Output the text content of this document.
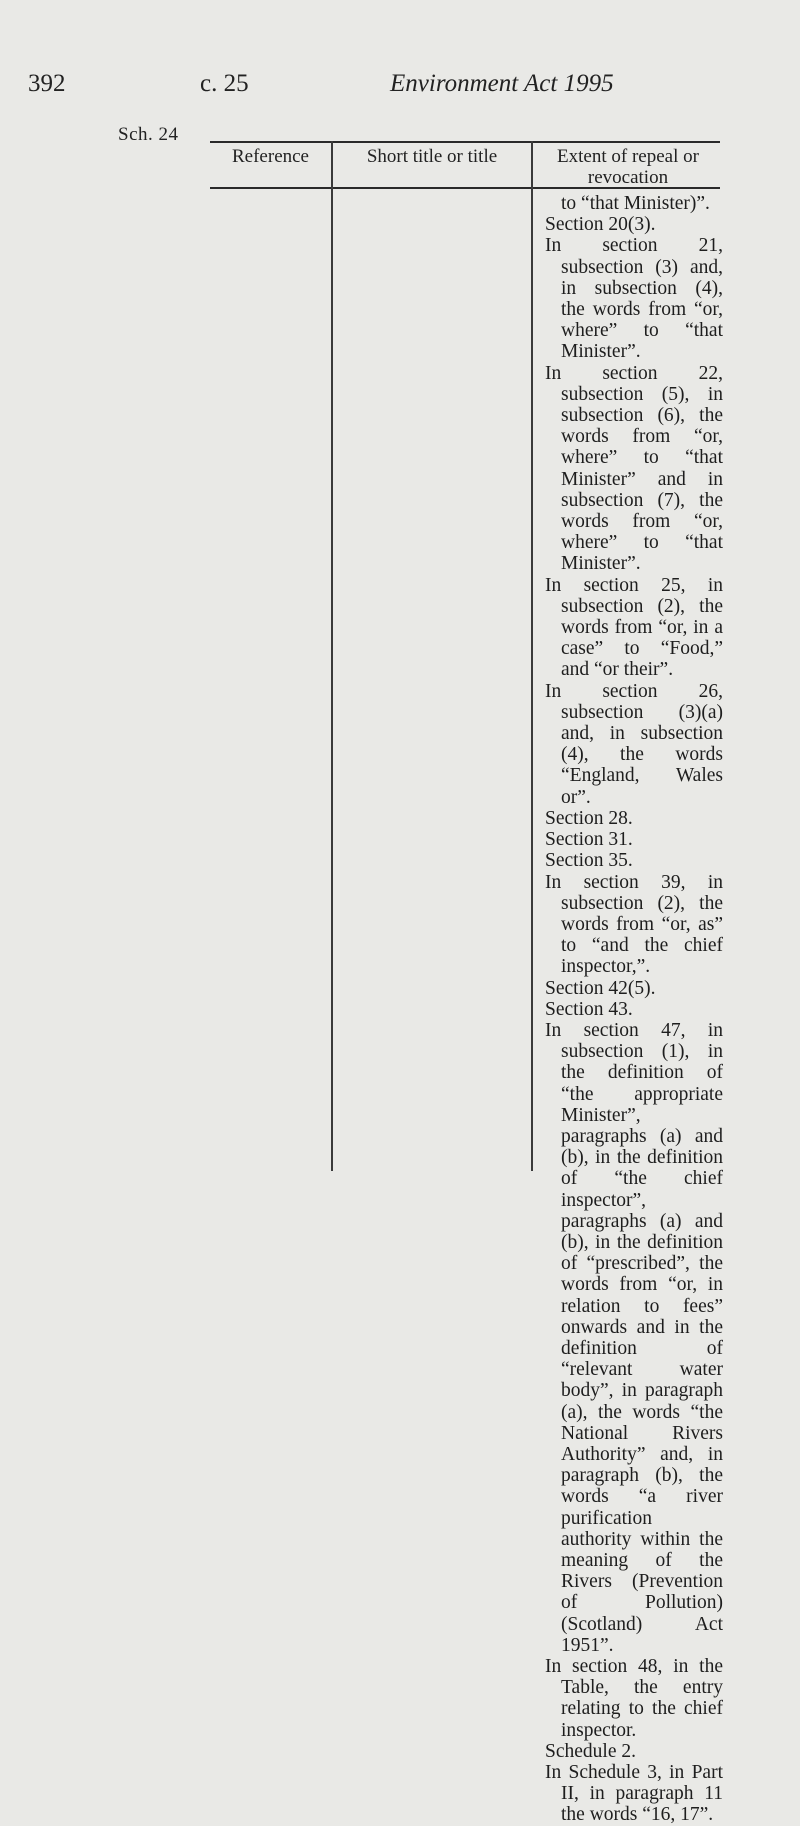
392	c. 25	Environment Act 1995
Sch. 24
Reference	Short title or title	Extent of repeal or revocation
to “that Minister)”.
Section 20(3).
In section 21, subsection (3) and, in subsection (4), the words from “or, where” to “that Minister”.
In section 22, subsection (5), in subsection (6), the words from “or, where” to “that Minister” and in subsection (7), the words from “or, where” to “that Minister”.
In section 25, in subsection (2), the words from “or, in a case” to “Food,” and “or their”.
In section 26, subsection (3)(a) and, in subsection (4), the words “England, Wales or”.
Section 28.
Section 31.
Section 35.
In section 39, in subsection (2), the words from “or, as” to “and the chief inspector,”.
Section 42(5).
Section 43.
In section 47, in subsection (1), in the definition of “the appropriate Minister”, paragraphs (a) and (b), in the definition of “the chief inspector”, paragraphs (a) and (b), in the definition of “prescribed”, the words from “or, in relation to fees” onwards and in the definition of “relevant water body”, in paragraph (a), the words “the National Rivers Authority” and, in paragraph (b), the words “a river purification authority within the meaning of the Rivers (Prevention of Pollution) (Scotland) Act 1951”.
In section 48, in the Table, the entry relating to the chief inspector.
Schedule 2.
In Schedule 3, in Part II, in paragraph 11 the words “16, 17”.
